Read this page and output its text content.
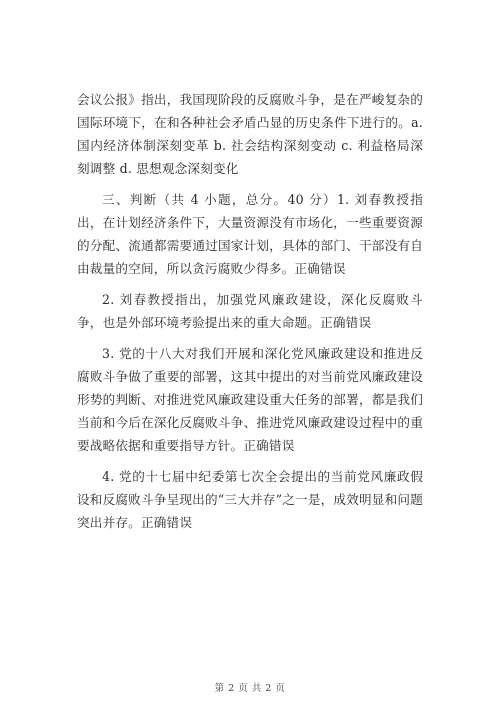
会议公报》指出，我国现阶段的反腐败斗争，是在严峻复杂的国际环境下，在和各种社会矛盾凸显的历史条件下进行的。a. 国内经济体制深刻变革 b. 社会结构深刻变动 c. 利益格局深刻调整 d. 思想观念深刻变化

三、判断（共 4 小题，总分。40 分）1. 刘春教授指出，在计划经济条件下，大量资源没有市场化，一些重要资源的分配、流通都需要通过国家计划，具体的部门、干部没有自由裁量的空间，所以贪污腐败少得多。正确错误

2. 刘春教授指出，加强党风廉政建设，深化反腐败斗争，也是外部环境考验提出来的重大命题。正确错误

3. 党的十八大对我们开展和深化党风廉政建设和推进反腐败斗争做了重要的部署，这其中提出的对当前党风廉政建设形势的判断、对推进党风廉政建设重大任务的部署，都是我们当前和今后在深化反腐败斗争、推进党风廉政建设过程中的重要战略依据和重要指导方针。正确错误

4. 党的十七届中纪委第七次全会提出的当前党风廉政假设和反腐败斗争呈现出的“三大并存”之一是，成效明显和问题突出并存。正确错误

第 2 页 共 2 页
